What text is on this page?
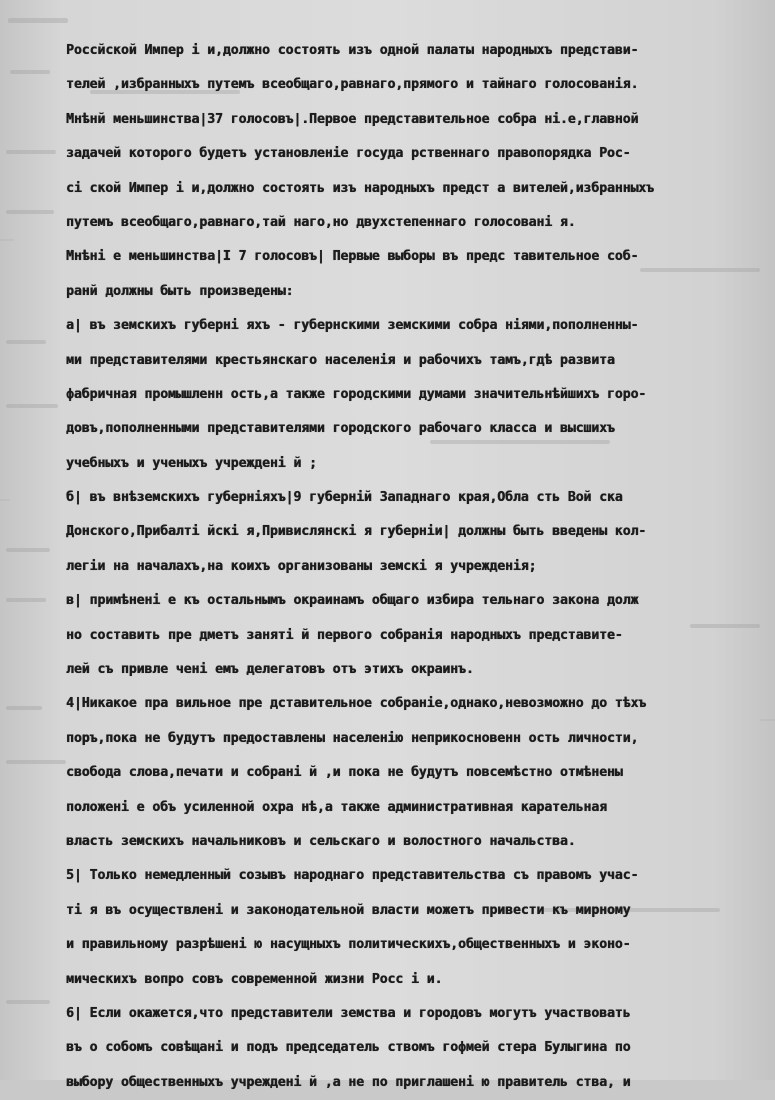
Россйской Импер і и,должно состоять изъ одной палаты народныхъ представи-
телей ,избранныхъ путемъ всеобщаго,равнаго,прямого и тайнаго голосованія.
Мнѣнй меньшинства|37 голосовъ|.Первое представительное собра ні.е,главной
задачей которого будетъ установленіе госуда рственнаго правопорядка Рос-
сі ской Импер і и,должно состоять изъ народныхъ предст а вителей,избранныхъ
путемъ всеобщаго,равнаго,тай наго,но двухстепеннаго голосовані я.
Мнѣні е меньшинства|І 7 голосовъ| Первые выборы въ предс тавительное соб-
ранй должны быть произведены:
а| въ земскихъ губерні яхъ - губернскими земскими собра ніями,пополненны-
ми представителями крестьянскаго населенія и рабочихъ тамъ,гдѣ развита
фабричная промышленн ость,а также городскими думами значительнѣйшихъ горо-
довъ,пополненными представителями городского рабочаго класса и высшихъ
учебныхъ и ученыхъ учреждені й ;
б| въ внѣземскихъ губерніяхъ|9 губерній Западнаго края,Обла сть Вой ска
Донского,Прибалті йскі я,Привислянскі я губерніи| должны быть введены кол-
легіи на началахъ,на коихъ организованы земскі я учрежденія;
в| примѣнені е къ остальнымъ окраинамъ общаго избира тельнаго закона долж
но составить пре дметъ заняті й первого собранія народныхъ представите-
лей съ привле чені емъ делегатовъ отъ этихъ окраинъ.
4|Никакое пра вильное пре дставительное собраніе,однако,невозможно до тѣхъ
поръ,пока не будутъ предоставлены населенію неприкосновенн ость личности,
свобода слова,печати и собрані й ,и пока не будутъ повсемѣстно отмѣнены
положені е объ усиленной охра нѣ,а также административная карательная
власть земскихъ начальниковъ и сельскаго и волостного начальства.
5| Только немедленный созывъ народнаго представительства съ правомъ учас-
ті я въ осуществлені и законодательной власти можетъ привести къ мирному
и правильному разрѣшені ю насущныхъ политическихъ,общественныхъ и эконо-
мическихъ вопро совъ современной жизни Росс і и.
6| Если окажется,что представители земства и городовъ могутъ участвовать
въ о собомъ совѣщані и подъ председатель ствомъ гофмей стера Булыгина по
выбору общественныхъ учреждені й ,а не по приглашені ю правитель ства, и
